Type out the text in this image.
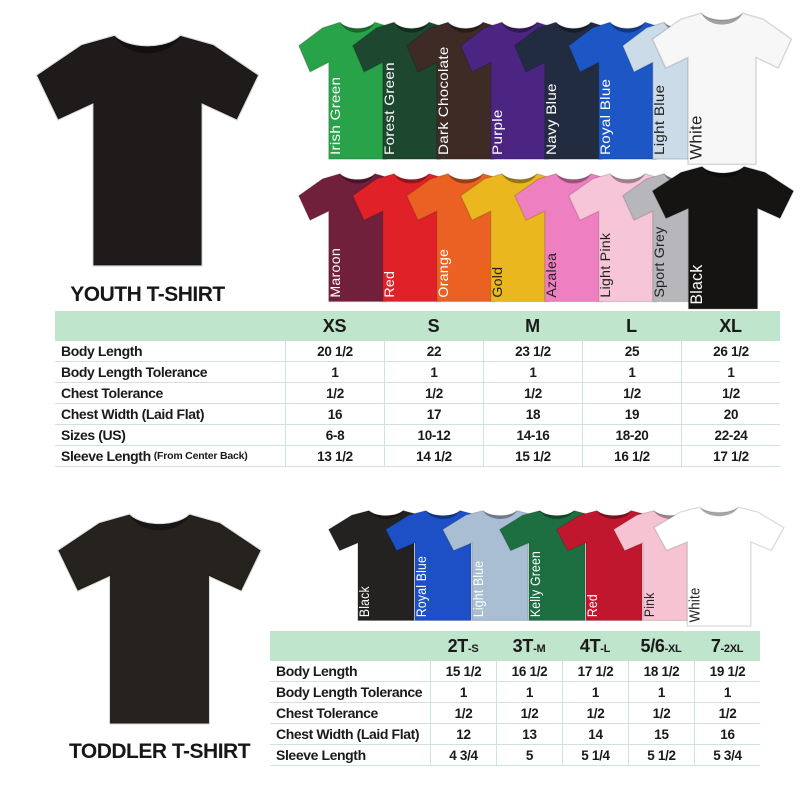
YOUTH T-SHIRT
Irish Green	Forest Green	Dark Chocolate	Purple	Navy Blue	Royal Blue	Light Blue White
Maroon	Red	Orange	Gold	Azalea	Light Pink	Sport Grey Black
XS	S	M	L	XL
Body Length	20 1/2	22	23 1/2	25	26 1/2
Body Length Tolerance	1	1	1	1	1
Chest Tolerance	1/2	1/2	1/2	1/2	1/2
Chest Width (Laid Flat)	16	17	18	19	20
Sizes (US)	6-8	10-12	14-16	18-20	22-24
Sleeve Length (From Center Back)	13 1/2	14 1/2	15 1/2	16 1/2	17 1/2
TODDLER T-SHIRT
Black	Royal Blue	Light Blue	Kelly Green	Red	Pink	White
2T-S	3T-M	4T-L	5/6-XL	7-2XL
Body Length	15 1/2	16 1/2	17 1/2	18 1/2	19 1/2
Body Length Tolerance	1	1	1	1	1
Chest Tolerance	1/2	1/2	1/2	1/2	1/2
Chest Width (Laid Flat)	12	13	14	15	16
Sleeve Length	4 3/4	5	5 1/4	5 1/2	5 3/4
